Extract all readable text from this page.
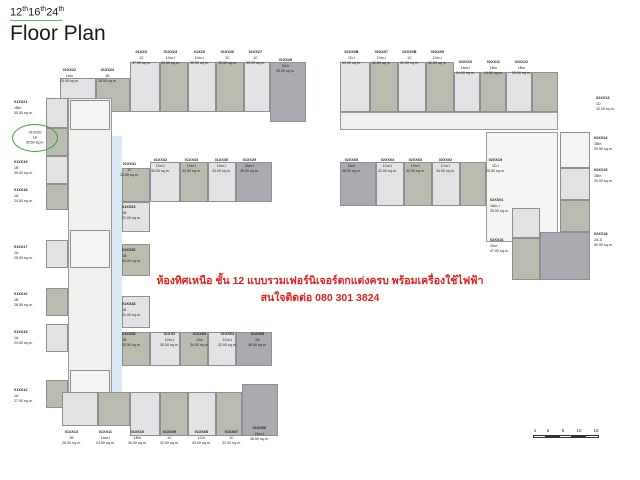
12th16th24th
Floor Plan
01XX21
1Bm
35.50 sq.m.
01XX19
1B
35.00 sq.m.
01XX18
1A
24.50 sq.m.
01XX17
1A
25.00 sq.m.
01XX16
1B
28.50 sq.m.
01XX15
1A
24.50 sq.m.
01XX12
1A
27.00 sq.m.
01XX20
1A
35.50 sq.m.
01XX22
1Am
25.50 sq.m.
01XX23
1B
28.00 sq.m.
01XXX
1C
37.00 sq.m.
01XX24
10m-I
30.50 sq.m.
01X25
10m-I
30.50 sq.m.
01XX26
1C
35.00 sq.m.
01XX27
1C
33.00 sq.m.
01XX28
2A-b
49.00 sq.m.
01XX31
1C
24.50 sq.m.
01XX32
10m-I
34.00 sq.m.
01XX33
10m-I
34.00 sq.m.
01XX30
10m-I
33.00 sq.m.
01XX29
2Am-I
48.50 sq.m.
01XX34
1B
31.00 sq.m.
01XX36
1B
30.00 sq.m.
01XX38
1B
31.00 sq.m.
01XX39
1B
30.50 sq.m.
01XX2
10m-I
30.50 sq.m.
01XX03
10m
34.00 sq.m.
01XX04
1Cm-I
32.00 sq.m.
01XX05
2A
48.50 sq.m.
01XX13
1B
26.00 sq.m.
01XX11
1Am-I
24.50 sq.m.
01XX10
1Bm
30.50 sq.m.
01XX09
1C
32.50 sq.m.
01XX08
1Cm
33.00 sq.m.
01XX07
1C
32.00 sq.m.
01XX06
2Am-I
48.50 sq.m.
02XX0B
1D-I
33.00 sq.m.
02XX07
10m-I
32.50 sq.m.
02XX0B
1C
32.00 sq.m.
02XX09
10m-I
32.00 sq.m.	02XX10
1Am-I
24.50 sq.m.
02XX11
1Bm
24.50 sq.m.
02XX12
1Bm
25.50 sq.m.
02XX13
1D
32.00 sq.m.
02XX05
2Am
48.50 sq.m.
02XX04
1Cm-I
32.00 sq.m.
02XX03
10m-I
32.00 sq.m.
02XX02
1Cm-I
34.50 sq.m.
02XX19
1D-I
25.50 sq.m.
02XX14
1Bm
25.50 sq.m.
02XX15
1Bm
25.00 sq.m.
02XX01
1Am-I
25.00 sq.m.
02XX16
2Am
47.00 sq.m.
02XX18
2A-D
50.00 sq.m.
ห้องทิศเหนือ ชั้น 12 แบบรวมเฟอร์นิเจอร์ตกแต่งครบ พร้อมเครื่องใช้ไฟฟ้า
สนใจติดต่อ 080 301 3824
1 2	5	10	15
